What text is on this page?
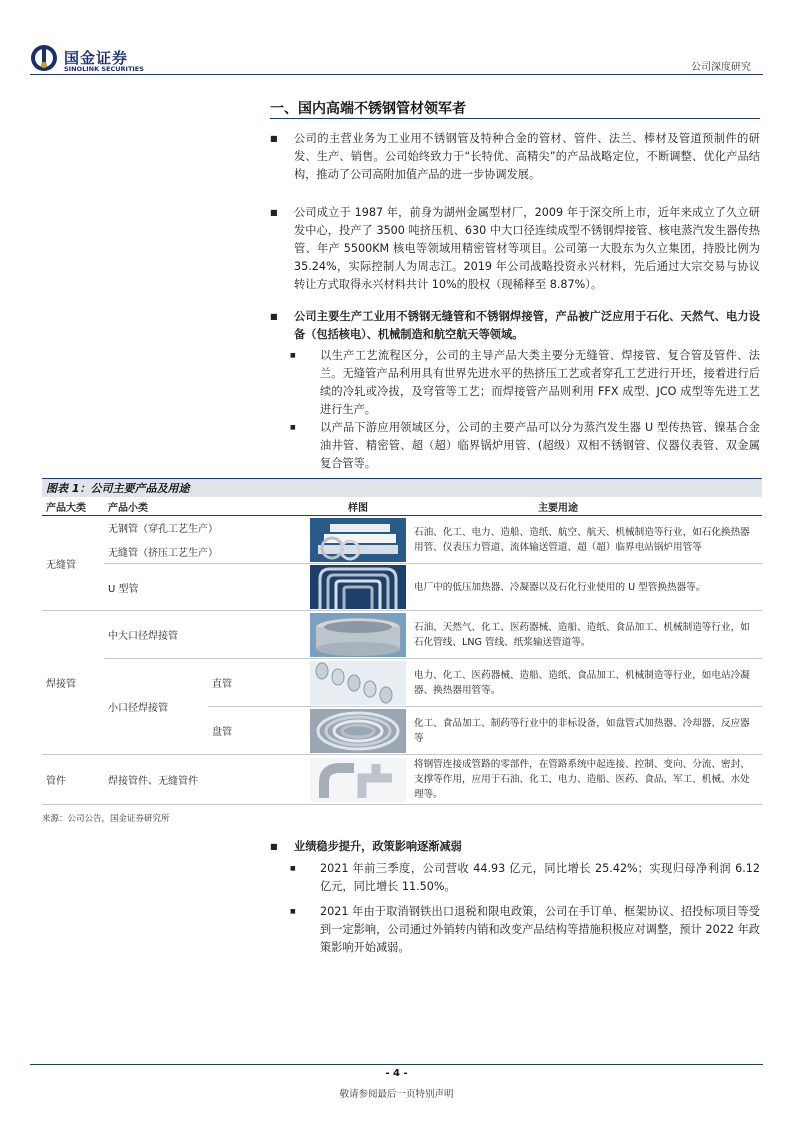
国金证券
SINOLINK SECURITIES	公司深度研究
一、国内高端不锈钢管材领军者
■ 公司的主营业务为工业用不锈钢管及特种合金的管材、管件、法兰、棒材及管道预制件的研发、生产、销售。公司始终致力于“长特优、高精尖”的产品战略定位，不断调整、优化产品结构，推动了公司高附加值产品的进一步协调发展。
■ 公司成立于 1987 年，前身为湖州金属型材厂，2009 年于深交所上市，近年来成立了久立研发中心，投产了 3500 吨挤压机、630 中大口径连续成型不锈钢焊接管、核电蒸汽发生器传热管、年产 5500KM 核电等领域用精密管材等项目。公司第一大股东为久立集团，持股比例为 35.24%，实际控制人为周志江。2019 年公司战略投资永兴材料，先后通过大宗交易与协议转让方式取得永兴材料共计 10%的股权（现稀释至 8.87%）。
■ 公司主要生产工业用不锈钢无缝管和不锈钢焊接管，产品被广泛应用于石化、天然气、电力设备（包括核电）、机械制造和航空航天等领域。
■ 以生产工艺流程区分，公司的主导产品大类主要分无缝管、焊接管、复合管及管件、法兰。无缝管产品利用具有世界先进水平的热挤压工艺或者穿孔工艺进行开坯，接着进行后续的冷轧或冷拔，及穹管等工艺；而焊接管产品则利用 FFX 成型、JCO 成型等先进工艺进行生产。
■ 以产品下游应用领域区分，公司的主要产品可以分为蒸汽发生器 U 型传热管、镍基合金油井管、精密管、超（超）临界锅炉用管、(超级）双相不锈钢管、仪器仪表管、双金属复合管等。
图表 1：公司主要产品及用途
产品大类	产品小类		样图	主要用途
无缝管	无钢管（穿孔工艺生产）			石油、化工、电力、造船、造纸、航空、航天、机械制造等行业，如石化换热器用管、仪表压力管道、流体输送管道、超（超）临界电站锅炉用管等
	无缝管（挤压工艺生产）			
	U 型管			电厂中的低压加热器、冷凝器以及石化行业使用的 U 型管换热器等。
焊接管	中大口径焊接管			石油、天然气、化工、医药器械、造船、造纸、食品加工、机械制造等行业，如石化管线、LNG 管线、纸浆输送管道等。
	小口径焊接管	直管		电力、化工、医药器械、造船、造纸、食品加工、机械制造等行业，如电站冷凝器、换热器用管等。
		盘管		化工、食品加工、制药等行业中的非标设备，如盘管式加热器、冷却器、反应器等
管件	焊接管件、无缝管件			将钢管连接成管路的零部件，在管路系统中起连接、控制、变向、分流、密封、支撑等作用，应用于石油、化工、电力、造船、医药、食品、军工、机械、水处理等。
来源：公司公告，国金证券研究所
■ 业绩稳步提升，政策影响逐渐减弱
■ 2021 年前三季度，公司营收 44.93 亿元，同比增长 25.42%；实现归母净利润 6.12 亿元，同比增长 11.50%。
■ 2021 年由于取消钢铁出口退税和限电政策，公司在手订单、框架协议、招投标项目等受到一定影响，公司通过外销转内销和改变产品结构等措施积极应对调整，预计 2022 年政策影响开始减弱。
- 4 -
敬请参阅最后一页特别声明
